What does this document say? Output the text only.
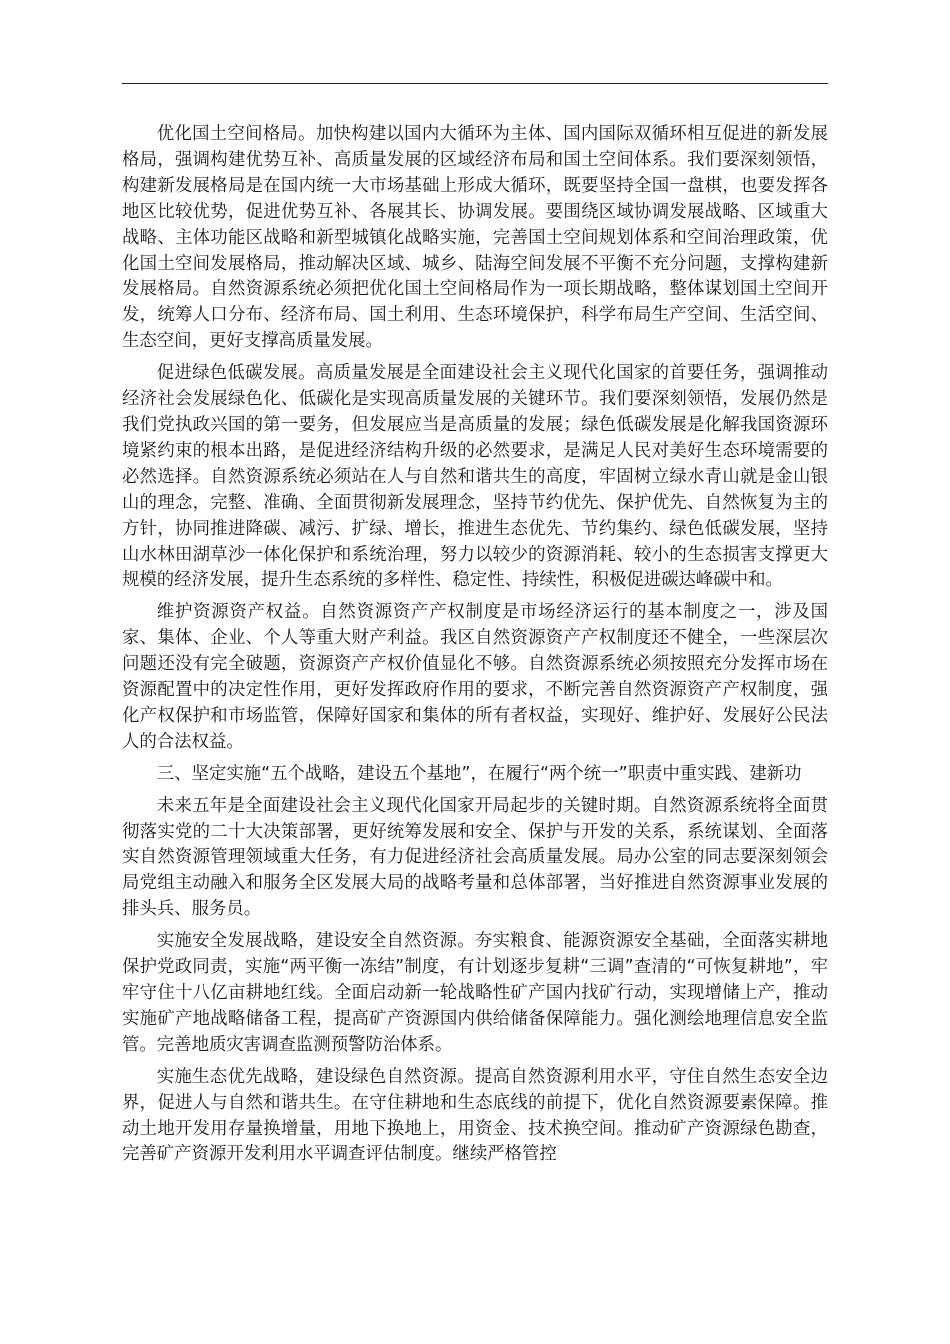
优化国土空间格局。加快构建以国内大循环为主体、国内国际双循环相互促进的新发展格局，强调构建优势互补、高质量发展的区域经济布局和国土空间体系。我们要深刻领悟，构建新发展格局是在国内统一大市场基础上形成大循环，既要坚持全国一盘棋，也要发挥各地区比较优势，促进优势互补、各展其长、协调发展。要围绕区域协调发展战略、区域重大战略、主体功能区战略和新型城镇化战略实施，完善国土空间规划体系和空间治理政策，优化国土空间发展格局，推动解决区域、城乡、陆海空间发展不平衡不充分问题，支撑构建新发展格局。自然资源系统必须把优化国土空间格局作为一项长期战略，整体谋划国土空间开发，统筹人口分布、经济布局、国土利用、生态环境保护，科学布局生产空间、生活空间、生态空间，更好支撑高质量发展。

促进绿色低碳发展。高质量发展是全面建设社会主义现代化国家的首要任务，强调推动经济社会发展绿色化、低碳化是实现高质量发展的关键环节。我们要深刻领悟，发展仍然是我们党执政兴国的第一要务，但发展应当是高质量的发展；绿色低碳发展是化解我国资源环境紧约束的根本出路，是促进经济结构升级的必然要求，是满足人民对美好生态环境需要的必然选择。自然资源系统必须站在人与自然和谐共生的高度，牢固树立绿水青山就是金山银山的理念，完整、准确、全面贯彻新发展理念，坚持节约优先、保护优先、自然恢复为主的方针，协同推进降碳、减污、扩绿、增长，推进生态优先、节约集约、绿色低碳发展，坚持山水林田湖草沙一体化保护和系统治理，努力以较少的资源消耗、较小的生态损害支撑更大规模的经济发展，提升生态系统的多样性、稳定性、持续性，积极促进碳达峰碳中和。

维护资源资产权益。自然资源资产产权制度是市场经济运行的基本制度之一，涉及国家、集体、企业、个人等重大财产利益。我区自然资源资产产权制度还不健全，一些深层次问题还没有完全破题，资源资产产权价值显化不够。自然资源系统必须按照充分发挥市场在资源配置中的决定性作用，更好发挥政府作用的要求，不断完善自然资源资产产权制度，强化产权保护和市场监管，保障好国家和集体的所有者权益，实现好、维护好、发展好公民法人的合法权益。

三、坚定实施“五个战略，建设五个基地”，在履行“两个统一”职责中重实践、建新功

未来五年是全面建设社会主义现代化国家开局起步的关键时期。自然资源系统将全面贯彻落实党的二十大决策部署，更好统筹发展和安全、保护与开发的关系，系统谋划、全面落实自然资源管理领域重大任务，有力促进经济社会高质量发展。局办公室的同志要深刻领会局党组主动融入和服务全区发展大局的战略考量和总体部署，当好推进自然资源事业发展的排头兵、服务员。

实施安全发展战略，建设安全自然资源。夯实粮食、能源资源安全基础，全面落实耕地保护党政同责，实施“两平衡一冻结”制度，有计划逐步复耕“三调”查清的“可恢复耕地”，牢牢守住十八亿亩耕地红线。全面启动新一轮战略性矿产国内找矿行动，实现增储上产，推动实施矿产地战略储备工程，提高矿产资源国内供给储备保障能力。强化测绘地理信息安全监管。完善地质灾害调查监测预警防治体系。

实施生态优先战略，建设绿色自然资源。提高自然资源利用水平，守住自然生态安全边界，促进人与自然和谐共生。在守住耕地和生态底线的前提下，优化自然资源要素保障。推动土地开发用存量换增量，用地下换地上，用资金、技术换空间。推动矿产资源绿色勘查，完善矿产资源开发利用水平调查评估制度。继续严格管控
